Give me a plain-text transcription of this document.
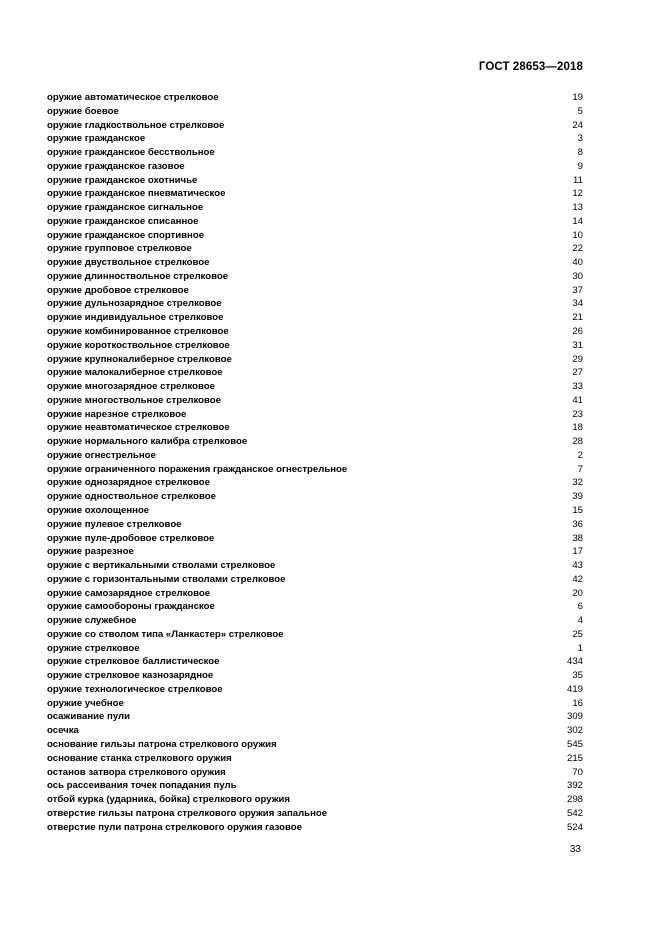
ГОСТ 28653—2018
оружие автоматическое стрелковое	19
оружие боевое	5
оружие гладкоствольное стрелковое	24
оружие гражданское	3
оружие гражданское бесствольное	8
оружие гражданское газовое	9
оружие гражданское охотничье	11
оружие гражданское пневматическое	12
оружие гражданское сигнальное	13
оружие гражданское списанное	14
оружие гражданское спортивное	10
оружие групповое стрелковое	22
оружие двуствольное стрелковое	40
оружие длинноствольное стрелковое	30
оружие дробовое стрелковое	37
оружие дульнозарядное стрелковое	34
оружие индивидуальное стрелковое	21
оружие комбинированное стрелковое	26
оружие короткоствольное стрелковое	31
оружие крупнокалиберное стрелковое	29
оружие малокалиберное стрелковое	27
оружие многозарядное стрелковое	33
оружие многоствольное стрелковое	41
оружие нарезное стрелковое	23
оружие неавтоматическое стрелковое	18
оружие нормального калибра стрелковое	28
оружие огнестрельное	2
оружие ограниченного поражения гражданское огнестрельное	7
оружие однозарядное стрелковое	32
оружие одноствольное стрелковое	39
оружие охолощенное	15
оружие пулевое стрелковое	36
оружие пуле-дробовое стрелковое	38
оружие разрезное	17
оружие с вертикальными стволами стрелковое	43
оружие с горизонтальными стволами стрелковое	42
оружие самозарядное стрелковое	20
оружие самообороны гражданское	6
оружие служебное	4
оружие со стволом типа «Ланкастер» стрелковое	25
оружие стрелковое	1
оружие стрелковое баллистическое	434
оружие стрелковое казнозарядное	35
оружие технологическое стрелковое	419
оружие учебное	16
осаживание пули	309
осечка	302
основание гильзы патрона стрелкового оружия	545
основание станка стрелкового оружия	215
останов затвора стрелкового оружия	70
ось рассеивания точек попадания пуль	392
отбой курка (ударника, бойка) стрелкового оружия	298
отверстие гильзы патрона стрелкового оружия запальное	542
отверстие пули патрона стрелкового оружия газовое	524
33
